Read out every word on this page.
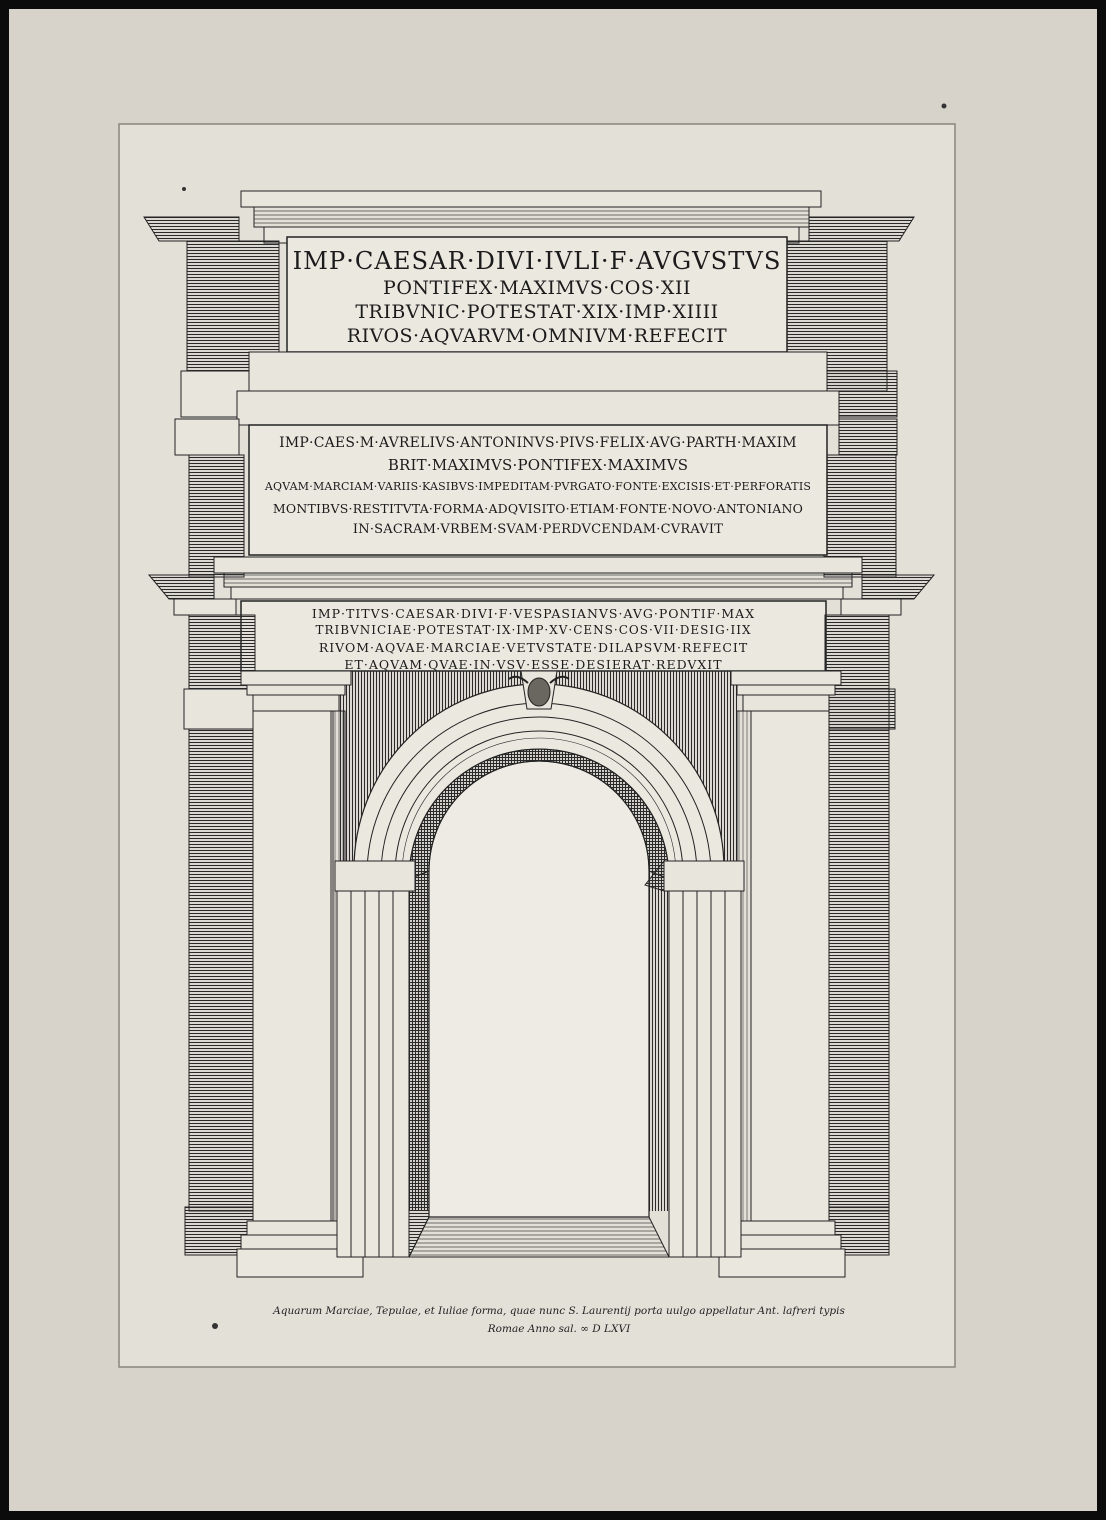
IMP·CAESAR·DIVI·IVLI·F·AVGVSTVS
PONTIFEX·MAXIMVS·COS·XII
TRIBVNIC·POTESTAT·XIX·IMP·XIIII
RIVOS·AQVARVM·OMNIVM·REFECIT
IMP·CAES·M·AVRELIVS·ANTONINVS·PIVS·FELIX·AVG·PARTH·MAXIM
BRIT·MAXIMVS·PONTIFEX·MAXIMVS
AQVAM·MARCIAM·VARIIS·KASIBVS·IMPEDITAM·PVRGATO·FONTE·EXCISIS·ET·PERFORATIS
MONTIBVS·RESTITVTA·FORMA·ADQVISITO·ETIAM·FONTE·NOVO·ANTONIANO
IN·SACRAM·VRBEM·SVAM·PERDVCENDAM·CVRAVIT
IMP·TITVS·CAESAR·DIVI·F·VESPASIANVS·AVG·PONTIF·MAX
TRIBVNICIAE·POTESTAT·IX·IMP·XV·CENS·COS·VII·DESIG·IIX
RIVOM·AQVAE·MARCIAE·VETVSTATE·DILAPSVM·REFECIT
ET·AQVAM·QVAE·IN·VSV·ESSE·DESIERAT·REDVXIT
Aquarum Marciae, Tepulae, et Iuliae forma, quae nunc S. Laurentij porta uulgo appellatur Ant. lafreri typis
Romae Anno sal. ∞ D LXVI
